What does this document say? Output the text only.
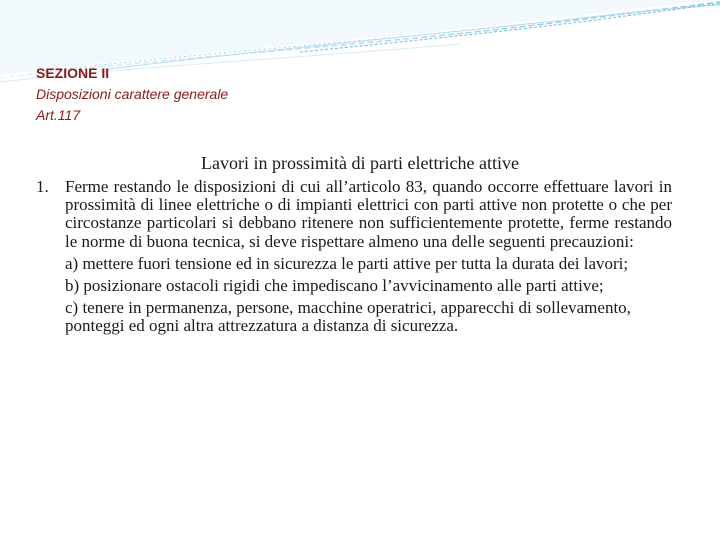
SEZIONE II
Disposizioni carattere generale
Art.117
Lavori in prossimità di parti elettriche attive
1. Ferme restando le disposizioni di cui all’articolo 83, quando occorre effettuare lavori in prossimità di linee elettriche o di impianti elettrici con parti attive non protette o che per circostanze particolari si debbano ritenere non sufficientemente protette, ferme restando le norme di buona tecnica, si deve rispettare almeno una delle seguenti precauzioni:
a) mettere fuori tensione ed in sicurezza le parti attive per tutta la durata dei lavori;
b) posizionare ostacoli rigidi che impediscano l’avvicinamento alle parti attive;
c) tenere in permanenza, persone, macchine operatrici, apparecchi di sollevamento, ponteggi ed ogni altra attrezzatura a distanza di sicurezza.
